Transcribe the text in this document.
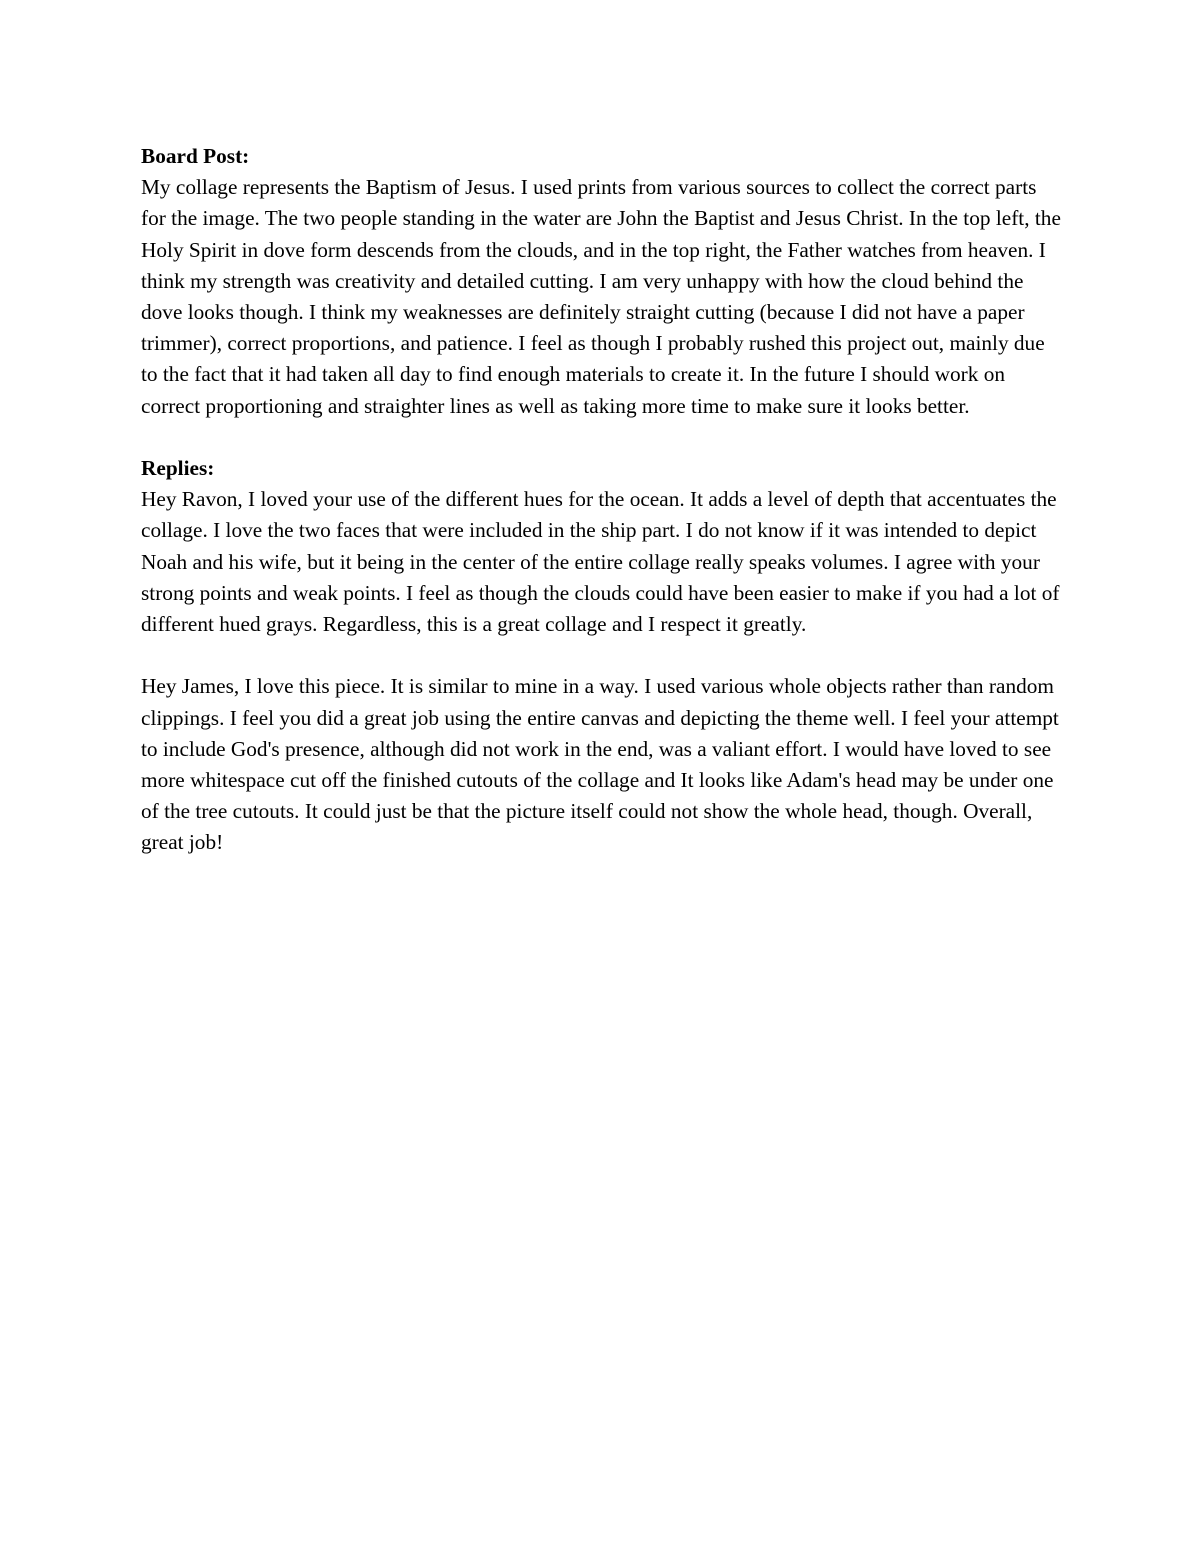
Board Post:

My collage represents the Baptism of Jesus. I used prints from various sources to collect the correct parts for the image. The two people standing in the water are John the Baptist and Jesus Christ. In the top left, the Holy Spirit in dove form descends from the clouds, and in the top right, the Father watches from heaven. I think my strength was creativity and detailed cutting. I am very unhappy with how the cloud behind the dove looks though. I think my weaknesses are definitely straight cutting (because I did not have a paper trimmer), correct proportions, and patience. I feel as though I probably rushed this project out, mainly due to the fact that it had taken all day to find enough materials to create it. In the future I should work on correct proportioning and straighter lines as well as taking more time to make sure it looks better.

Replies:

Hey Ravon, I loved your use of the different hues for the ocean. It adds a level of depth that accentuates the collage. I love the two faces that were included in the ship part. I do not know if it was intended to depict Noah and his wife, but it being in the center of the entire collage really speaks volumes. I agree with your strong points and weak points. I feel as though the clouds could have been easier to make if you had a lot of different hued grays. Regardless, this is a great collage and I respect it greatly.

Hey James, I love this piece. It is similar to mine in a way. I used various whole objects rather than random clippings. I feel you did a great job using the entire canvas and depicting the theme well. I feel your attempt to include God's presence, although did not work in the end, was a valiant effort. I would have loved to see more whitespace cut off the finished cutouts of the collage and It looks like Adam's head may be under one of the tree cutouts. It could just be that the picture itself could not show the whole head, though. Overall, great job!
